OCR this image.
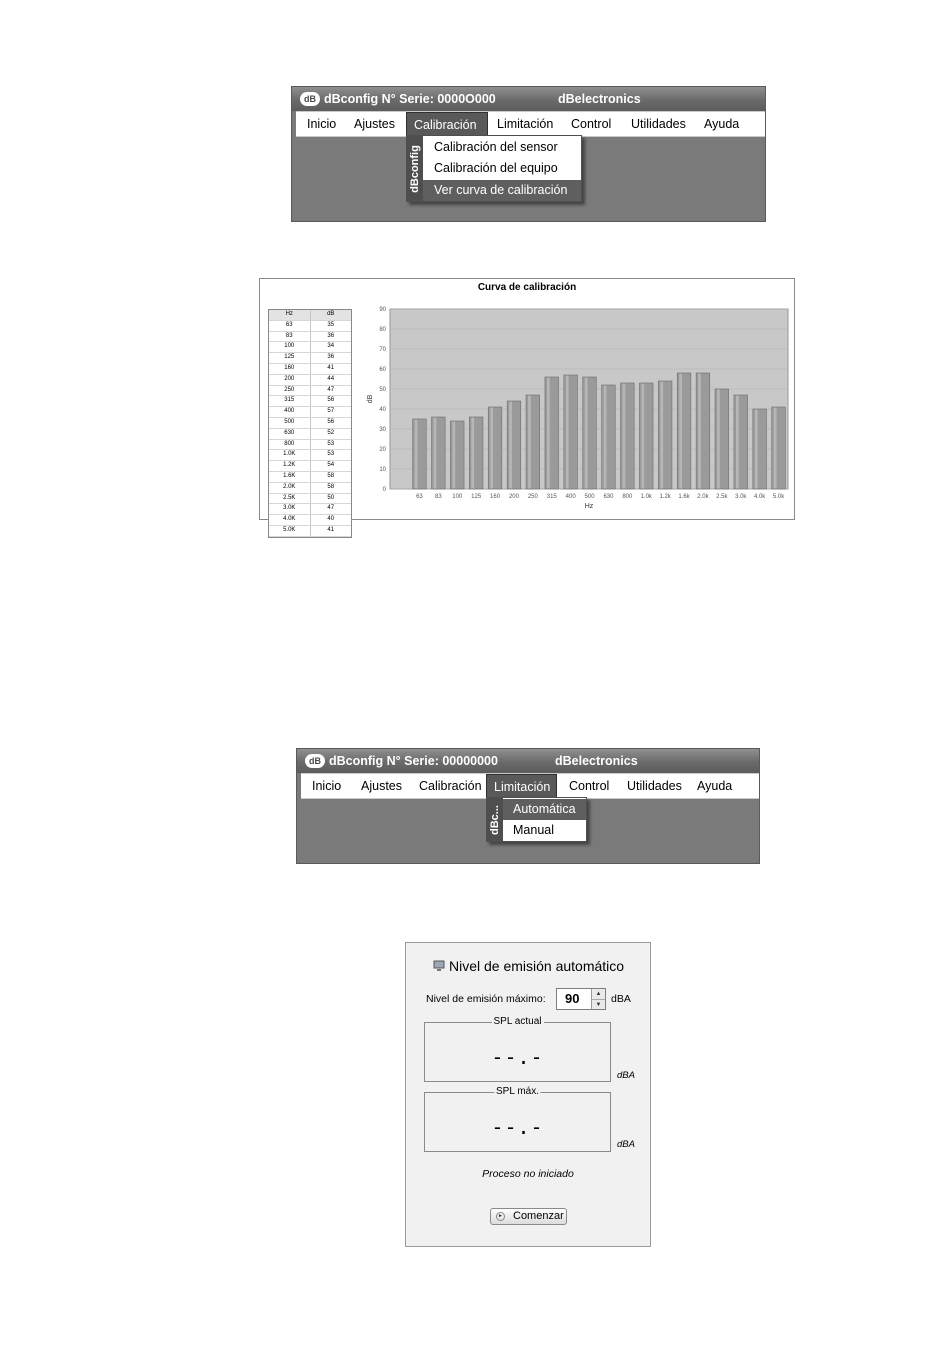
dB dBconfig N° Serie: 0000O000	dBelectronics
Inicio	Ajustes	Calibración	Limitación	Control	Utilidades	Ayuda
dBconfig	Calibración del sensor
Calibración del equipo
Ver curva de calibración
Curva de calibración
Hz	dB
63	35
83	36
100	34
125	36
160	41
200	44
250	47
315	56
400	57
500	56
630	52
800	53
1.0K	53
1.2K	54
1.6K	58
2.0K	58
2.5K	50
3.0K	47
4.0K	40
5.0K	41
0
10
20
30
40
50
60
70
80
90
63 83 100 125 160 200 250 315 400 500 630 800 1.0k 1.2k 1.6k 2.0k 2.5k 3.0k 4.0k 5.0k
Hz
dB
dB dBconfig N° Serie: 00000000	dBelectronics
Inicio	Ajustes	Calibración Limitación	Control	Utilidades	Ayuda
dBc... Automática
Manual
Nivel de emisión automático
Nivel de emisión máximo: 90	▲
▼ dBA
SPL actual
--.-
dBA
SPL máx.
--.-
dBA
Proceso no iniciado
► Comenzar
